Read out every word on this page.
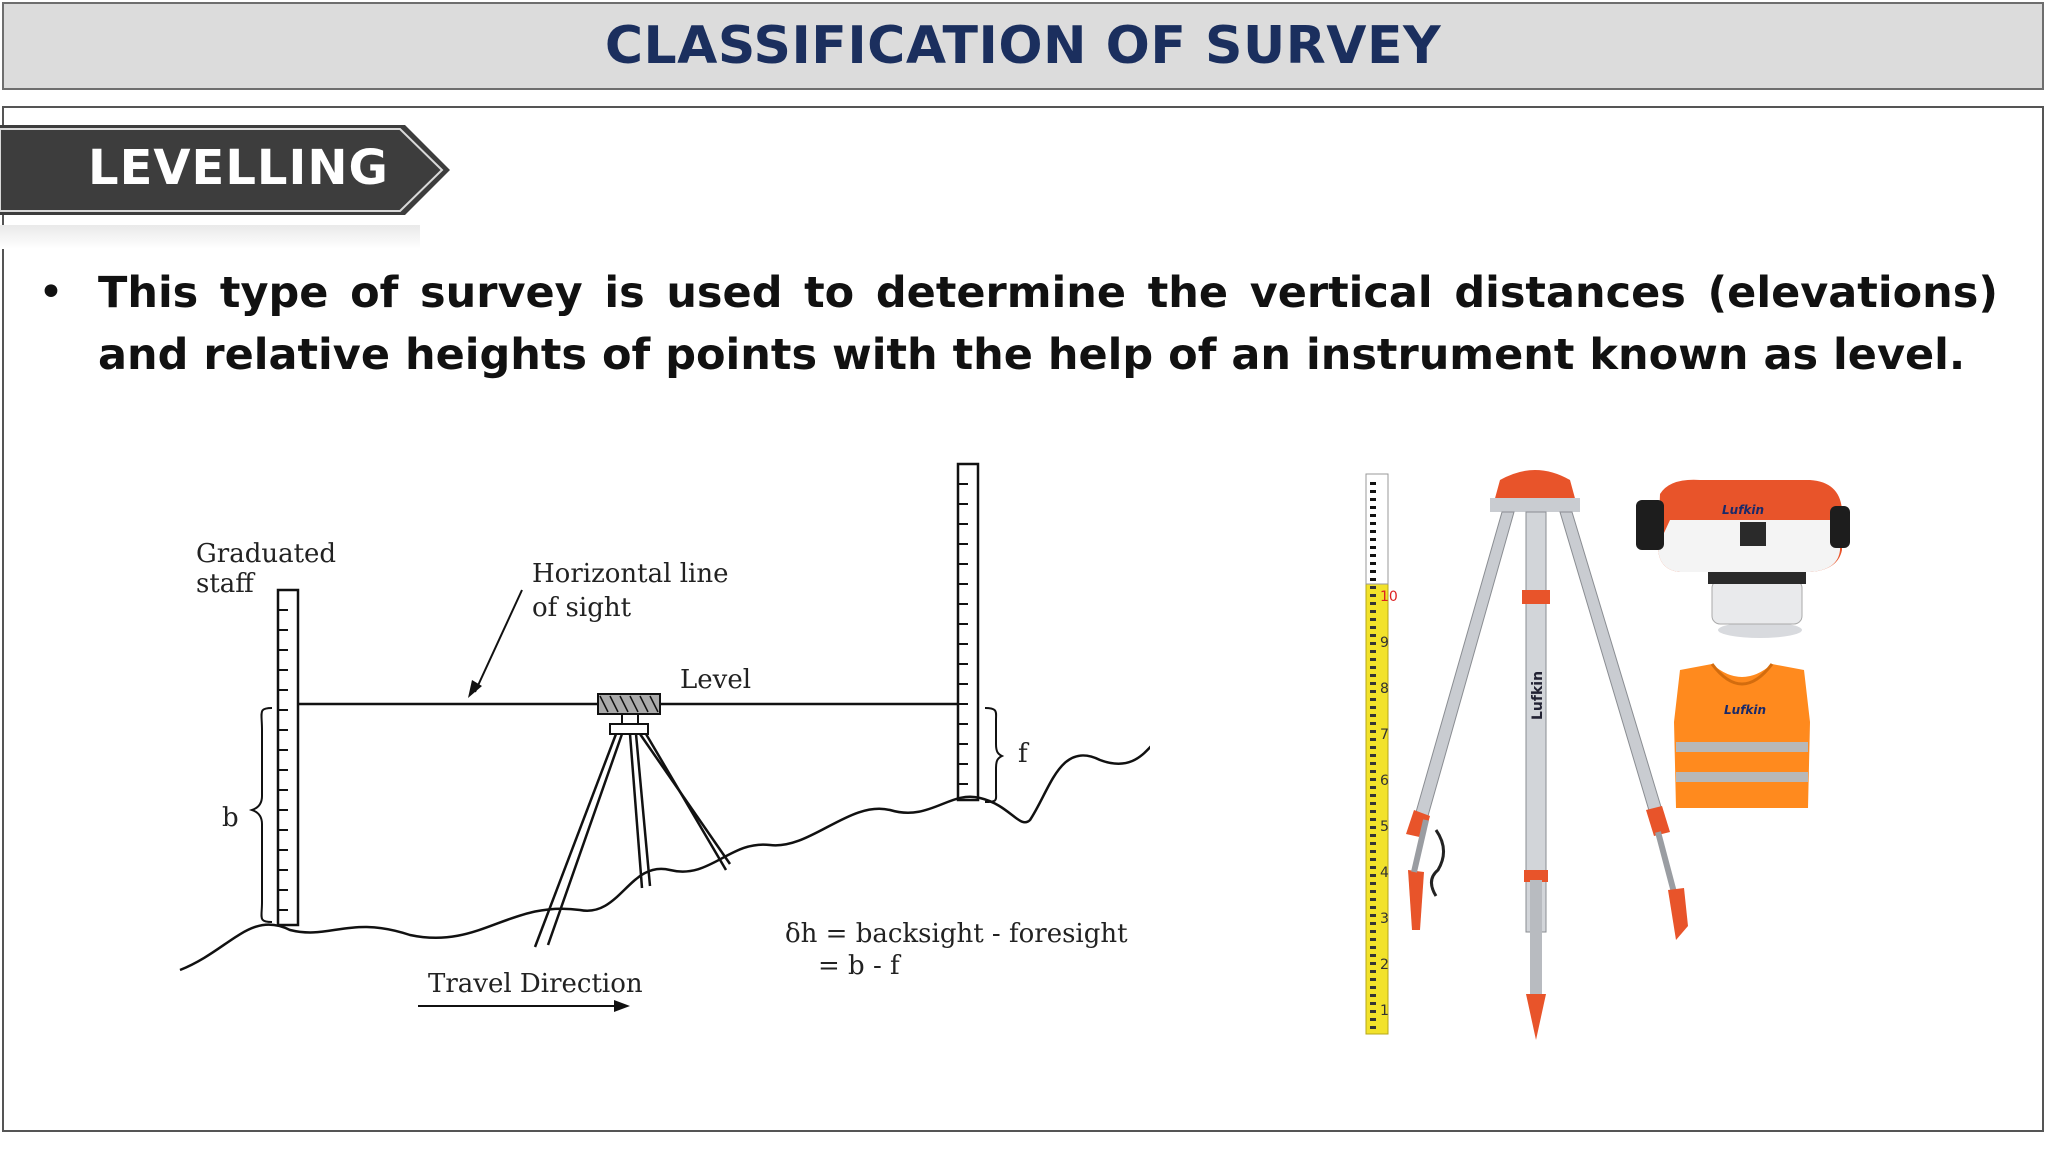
CLASSIFICATION OF SURVEY
LEVELLING
• This type of survey is used to determine the vertical distances (elevations) and relative heights of points with the help of an instrument known as level.
Graduated
staff	Horizontal line
of sight
Level
b
f
δh = backsight - foresight
= b - f
Travel Direction
1
2
3
4
5
6
7
8
9
10
Lufkin
Lufkin
Lufkin
